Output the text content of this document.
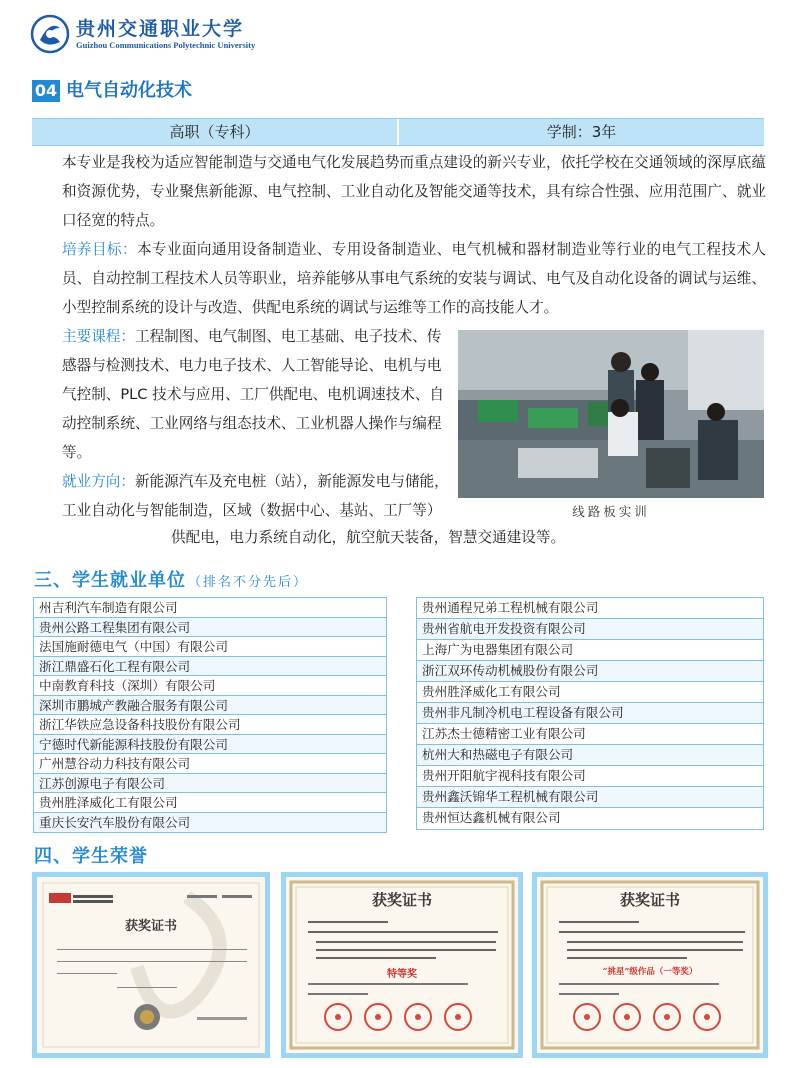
贵州交通职业大学
Guizhou Communications Polytechnic University
04 电气自动化技术
高职（专科）	学制：3年
本专业是我校为适应智能制造与交通电气化发展趋势而重点建设的新兴专业，依托学校在交通领域的深厚底蕴和资源优势，专业聚焦新能源、电气控制、工业自动化及智能交通等技术，具有综合性强、应用范围广、就业口径宽的特点。
培养目标：本专业面向通用设备制造业、专用设备制造业、电气机械和器材制造业等行业的电气工程技术人员、自动控制工程技术人员等职业，培养能够从事电气系统的安装与调试、电气及自动化设备的调试与运维、小型控制系统的设计与改造、供配电系统的调试与运维等工作的高技能人才。
主要课程：工程制图、电气制图、电工基础、电子技术、传感器与检测技术、电力电子技术、人工智能导论、电机与电气控制、PLC 技术与应用、工厂供配电、电机调速技术、自动控制系统、工业网络与组态技术、工业机器人操作与编程等。
就业方向：新能源汽车及充电桩（站），新能源发电与储能，工业自动化与智能制造，区域（数据中心、基站、工厂等）
供配电，电力系统自动化，航空航天装备，智慧交通建设等。
线路板实训
三、学生就业单位 （排名不分先后）
州吉利汽车制造有限公司
贵州公路工程集团有限公司
法国施耐德电气（中国）有限公司
浙江鼎盛石化工程有限公司
中南教育科技（深圳）有限公司
深圳市鹏城产教融合服务有限公司
浙江华铁应急设备科技股份有限公司
宁德时代新能源科技股份有限公司
广州慧谷动力科技有限公司
江苏创源电子有限公司
贵州胜泽威化工有限公司
重庆长安汽车股份有限公司
贵州通程兄弟工程机械有限公司
贵州省航电开发投资有限公司
上海广为电器集团有限公司
浙江双环传动机械股份有限公司
贵州胜泽威化工有限公司
贵州非凡制冷机电工程设备有限公司
江苏杰士德精密工业有限公司
杭州大和热磁电子有限公司
贵州开阳航宇视科技有限公司
贵州鑫沃锦华工程机械有限公司
贵州恒达鑫机械有限公司
四、学生荣誉
获奖证书
获奖证书
特等奖
获奖证书
“挑星”级作品（一等奖）
